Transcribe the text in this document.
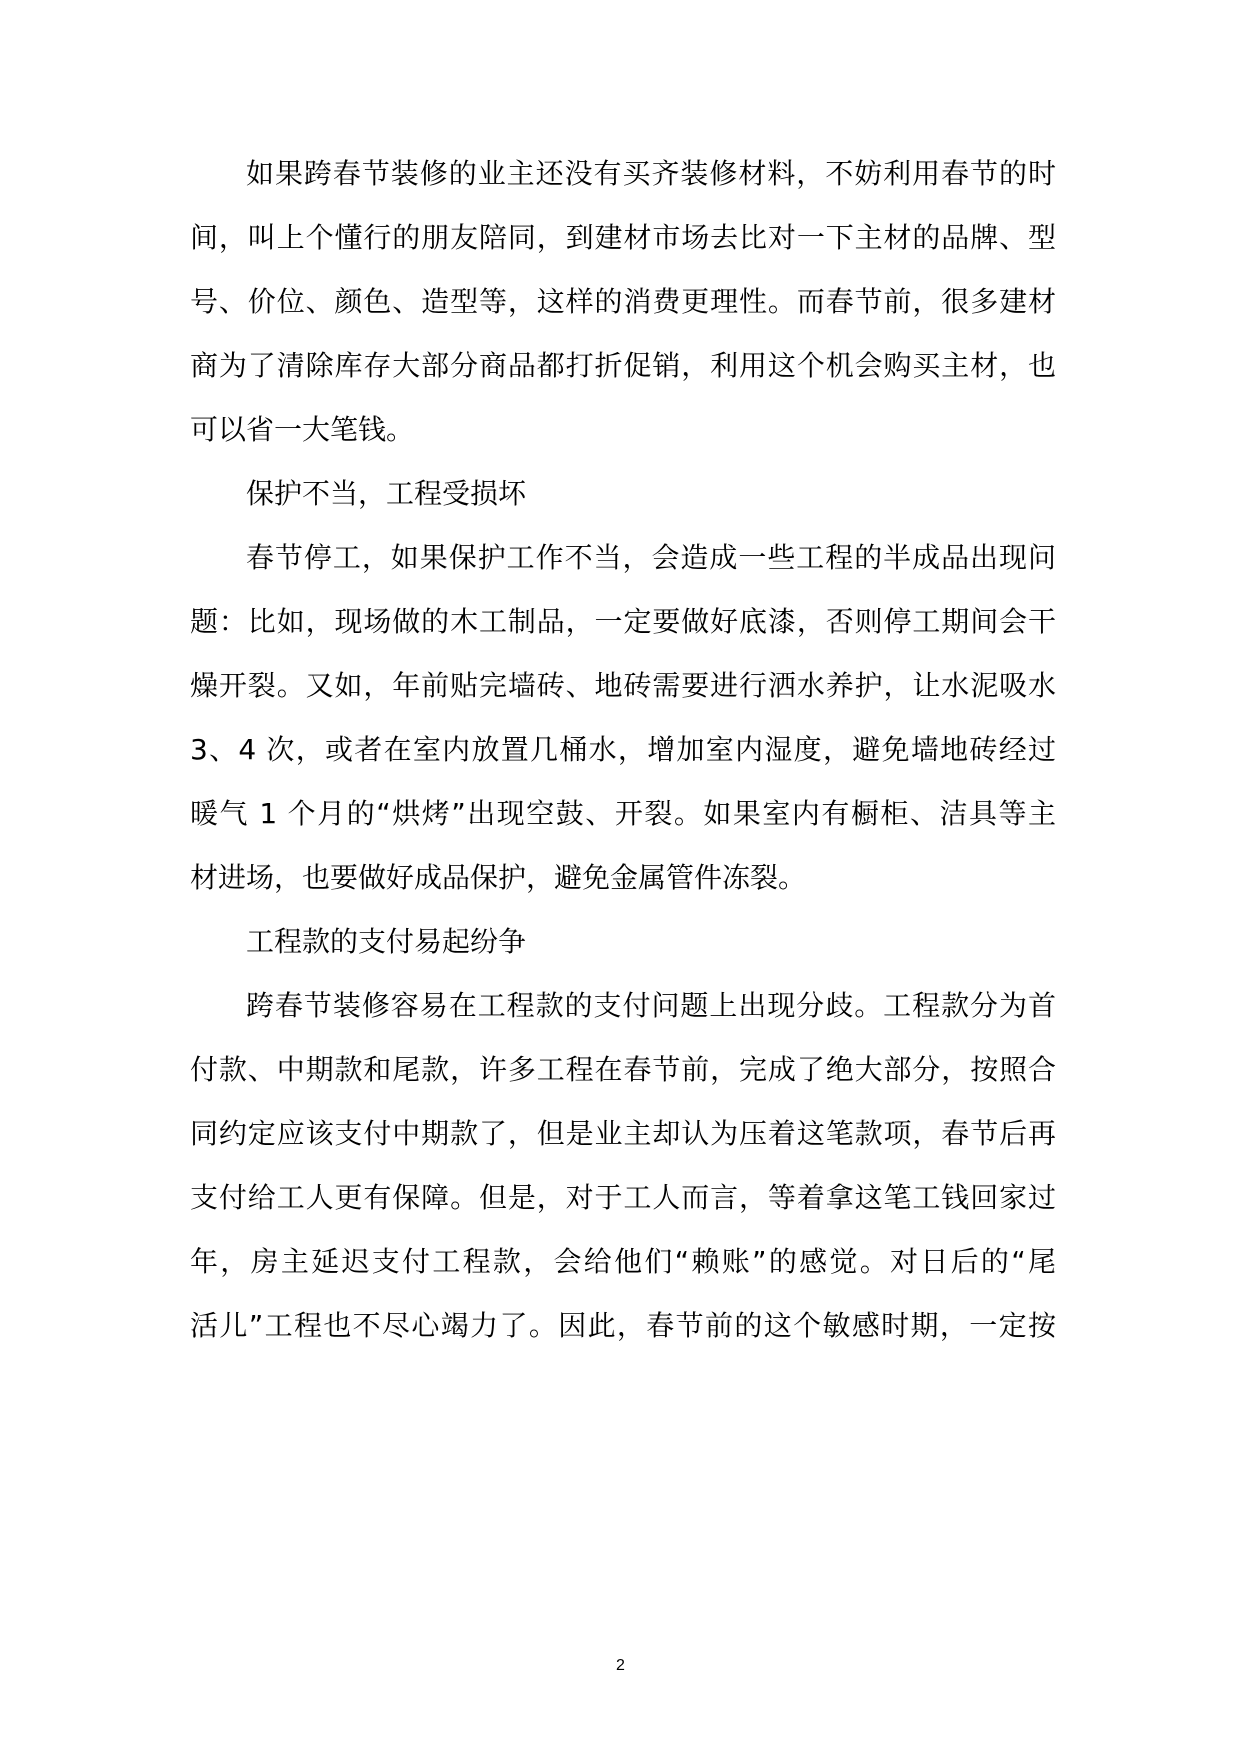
如果跨春节装修的业主还没有买齐装修材料，不妨利用春节的时
间，叫上个懂行的朋友陪同，到建材市场去比对一下主材的品牌、型
号、价位、颜色、造型等，这样的消费更理性。而春节前，很多建材
商为了清除库存大部分商品都打折促销，利用这个机会购买主材，也
可以省一大笔钱。
保护不当，工程受损坏
春节停工，如果保护工作不当，会造成一些工程的半成品出现问
题：比如，现场做的木工制品，一定要做好底漆，否则停工期间会干
燥开裂。又如，年前贴完墙砖、地砖需要进行洒水养护，让水泥吸水
3、4 次，或者在室内放置几桶水，增加室内湿度，避免墙地砖经过
暖气 1 个月的“烘烤”出现空鼓、开裂。如果室内有橱柜、洁具等主
材进场，也要做好成品保护，避免金属管件冻裂。
工程款的支付易起纷争
跨春节装修容易在工程款的支付问题上出现分歧。工程款分为首
付款、中期款和尾款，许多工程在春节前，完成了绝大部分，按照合
同约定应该支付中期款了，但是业主却认为压着这笔款项，春节后再
支付给工人更有保障。但是，对于工人而言，等着拿这笔工钱回家过
年，房主延迟支付工程款，会给他们“赖账”的感觉。对日后的“尾
活儿”工程也不尽心竭力了。因此，春节前的这个敏感时期，一定按
2
